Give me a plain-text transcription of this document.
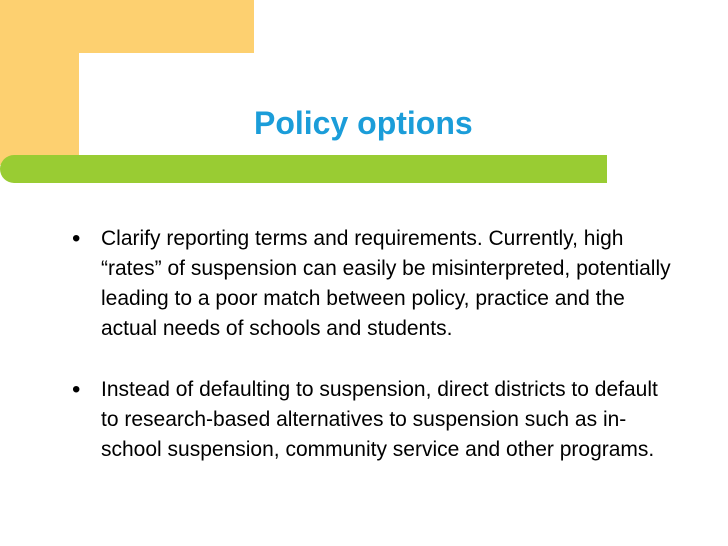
Policy options
• Clarify reporting terms and requirements. Currently, high “rates” of suspension can easily be misinterpreted, potentially leading to a poor match between policy, practice and the actual needs of schools and students.
• Instead of defaulting to suspension, direct districts to default to research-based alternatives to suspension such as in-school suspension, community service and other programs.
